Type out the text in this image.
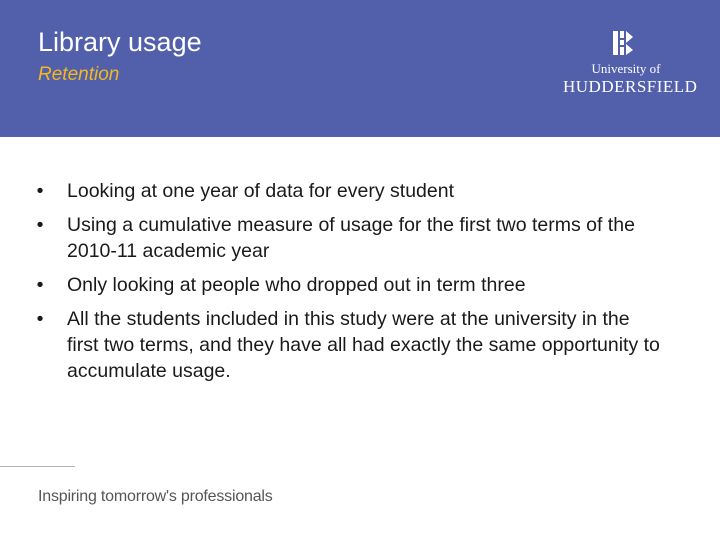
Library usage
Retention	University of
HUDDERSFIELD
•	Looking at one year of data for every student
•	Using a cumulative measure of usage for the first two terms of the 2010-11 academic year
•	Only looking at people who dropped out in term three
•	All the students included in this study were at the university in the first two terms, and they have all had exactly the same opportunity to accumulate usage.
Inspiring tomorrow's professionals
